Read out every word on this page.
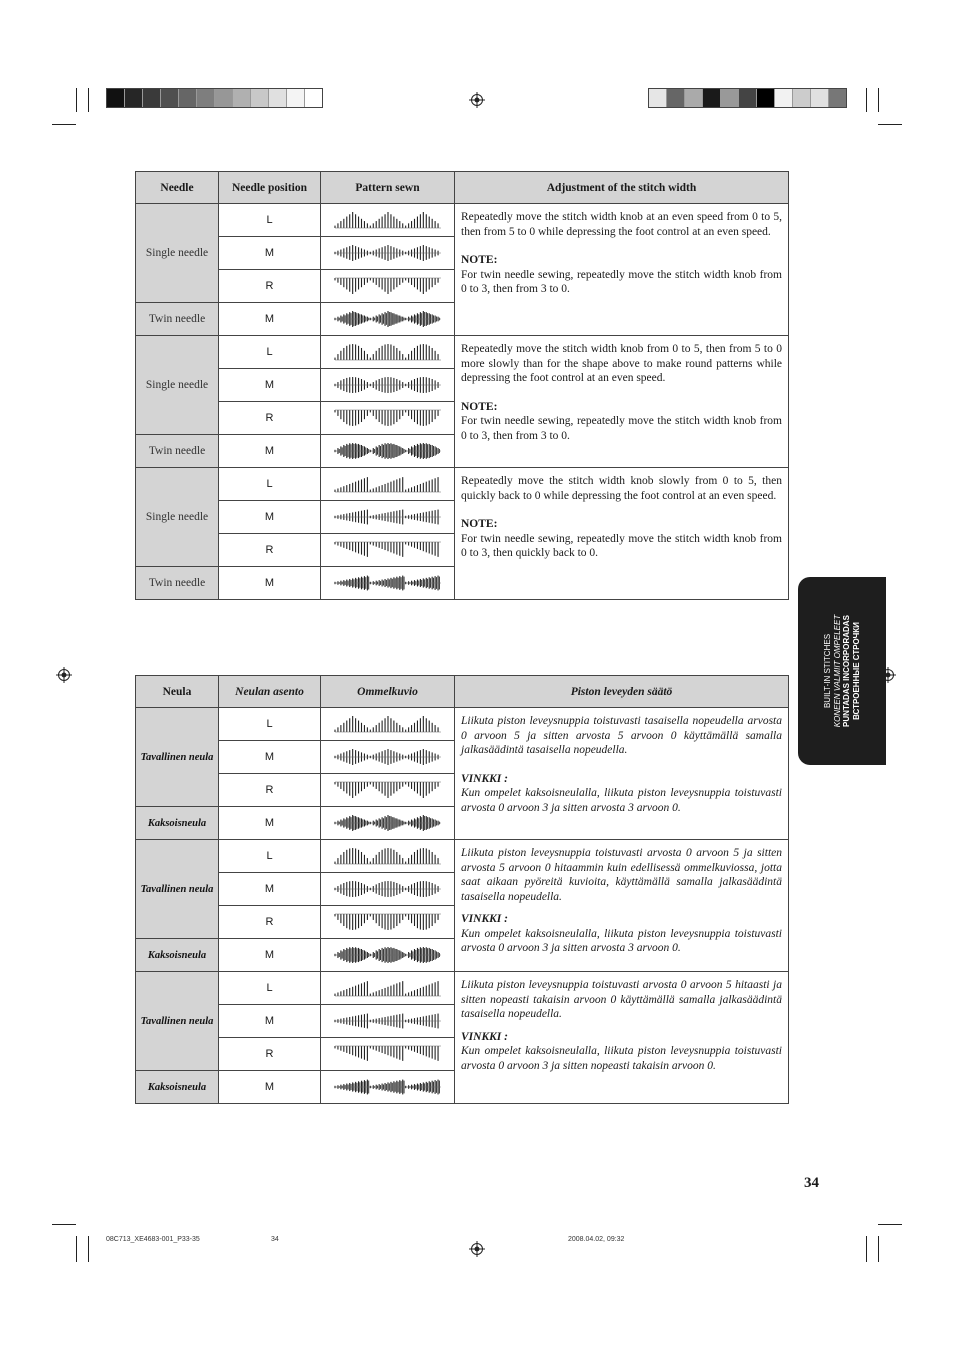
Needle	Needle position	Pattern sewn	Adjustment of the stitch width
Single needle	L		Repeatedly move the stitch width knob at an even speed from 0 to 5, then from 5 to 0 while depressing the foot control at an even speed.

NOTE:
For twin needle sewing, repeatedly move the stitch width knob from 0 to 3, then from 3 to 0.

	M	

	R	

Twin needle	M	

Single needle	L		Repeatedly move the stitch width knob from 0 to 5, then from 5 to 0 more slowly than for the shape above to make round patterns while depressing the foot control at an even speed.

NOTE:
For twin needle sewing, repeatedly move the stitch width knob from 0 to 3, then from 3 to 0.

	M	

	R	

Twin needle	M	

Single needle	L		Repeatedly move the stitch width knob slowly from 0 to 5, then quickly back to 0 while depressing the foot control at an even speed.

NOTE:
For twin needle sewing, repeatedly move the stitch width knob from 0 to 3, then quickly back to 0.

	M	

	R	

Twin needle	M	
Neula	Neulan asento	Ommelkuvio	Piston leveyden säätö
Tavallinen neula	L		Liikuta piston leveysnuppia toistuvasti tasaisella nopeudella arvosta 0 arvoon 5 ja sitten arvosta 5 arvoon 0 käyttämällä samalla jalkasäädintä tasaisella nopeudella.

VINKKI :
Kun ompelet kaksoisneulalla, liikuta piston leveysnuppia toistuvasti arvosta 0 arvoon 3 ja sitten arvosta 3 arvoon 0.

	M	

	R	

Kaksoisneula	M	

Tavallinen neula	L		Liikuta piston leveysnuppia toistuvasti arvosta 0 arvoon 5 ja sitten arvosta 5 arvoon 0 hitaammin kuin edellisessä ommelkuviossa, jotta saat aikaan pyöreitä kuvioita, käyttämällä samalla jalkasäädintä tasaisella nopeudella.

VINKKI :
Kun ompelet kaksoisneulalla, liikuta piston leveysnuppia toistuvasti arvosta 0 arvoon 3 ja sitten arvosta 3 arvoon 0.

	M	

	R	

Kaksoisneula	M	

Tavallinen neula	L		Liikuta piston leveysnuppia toistuvasti arvosta 0 arvoon 5 hitaasti ja sitten nopeasti takaisin arvoon 0 käyttämällä samalla jalkasäädintä tasaisella nopeudella.

VINKKI :
Kun ompelet kaksoisneulalla, liikuta piston leveysnuppia toistuvasti arvosta 0 arvoon 3 ja sitten nopeasti takaisin arvoon 0.

	M	

	R	

Kaksoisneula	M	
BUILT-IN STITCHES KONEEN VALMIIT OMPELEET PUNTADAS INCORPORADAS ВСТРОЕННЫЕ СТРОЧКИ
34
08C713_XE4683-001_P33-35	34	2008.04.02, 09:32
